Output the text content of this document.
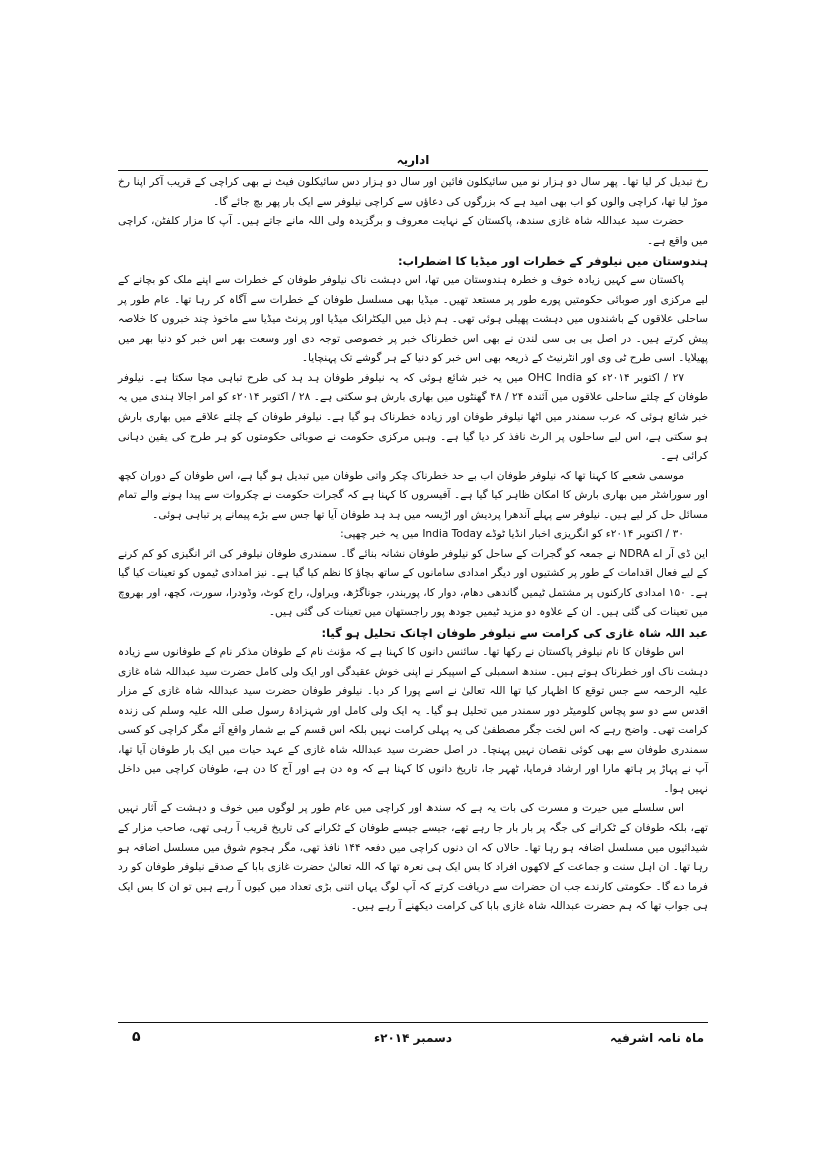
اداریہ

رخ تبدیل کر لیا تھا۔ پھر سال دو ہزار نو میں سائیکلون فائین اور سال دو ہزار دس سائیکلون فیٹ نے بھی کراچی کے قریب آکر اپنا رخ موڑ لیا تھا، کراچی والوں کو اب بھی امید ہے کہ بزرگوں کی دعاؤں سے کراچی نیلوفر سے ایک بار پھر بچ جائے گا۔

حضرت سید عبداللہ شاہ غازی سندھ، پاکستان کے نہایت معروف و برگزیدہ ولی اللہ مانے جاتے ہیں۔ آپ کا مزار کلفٹن، کراچی میں واقع ہے۔

ہندوستان میں نیلوفر کے خطرات اور میڈیا کا اضطراب:

پاکستان سے کہیں زیادہ خوف و خطرہ ہندوستان میں تھا، اس دہشت ناک نیلوفر طوفان کے خطرات سے اپنے ملک کو بچانے کے لیے مرکزی اور صوبائی حکومتیں پورے طور پر مستعد تھیں۔ میڈیا بھی مسلسل طوفان کے خطرات سے آگاہ کر رہا تھا۔ عام طور پر ساحلی علاقوں کے باشندوں میں دہشت پھیلی ہوئی تھی۔ ہم ذیل میں الیکٹرانک میڈیا اور پرنٹ میڈیا سے ماخوذ چند خبروں کا خلاصہ پیش کرتے ہیں۔ در اصل بی بی سی لندن نے بھی اس خطرناک خبر پر خصوصی توجہ دی اور وسعت بھر اس خبر کو دنیا بھر میں پھیلایا۔ اسی طرح ٹی وی اور انٹرنیٹ کے ذریعہ بھی اس خبر کو دنیا کے ہر گوشے تک پہنچایا۔

۲۷ / اکتوبر ۲۰۱۴ء کو OHC India میں یہ خبر شائع ہوئی کہ یہ نیلوفر طوفان ہد ہد کی طرح تباہی مچا سکتا ہے۔ نیلوفر طوفان کے چلتے ساحلی علاقوں میں آئندہ ۲۴ / ۴۸ گھنٹوں میں بھاری بارش ہو سکتی ہے۔ ۲۸ / اکتوبر ۲۰۱۴ء کو امر اجالا ہندی میں یہ خبر شائع ہوئی کہ عرب سمندر میں اٹھا نیلوفر طوفان اور زیادہ خطرناک ہو گیا ہے۔ نیلوفر طوفان کے چلتے علاقے میں بھاری بارش ہو سکتی ہے، اس لیے ساحلوں پر الرٹ نافذ کر دیا گیا ہے۔ وہیں مرکزی حکومت نے صوبائی حکومتوں کو ہر طرح کی یقین دہانی کرائی ہے۔

موسمی شعبے کا کہنا تھا کہ نیلوفر طوفان اب بے حد خطرناک چکر واتی طوفان میں تبدیل ہو گیا ہے، اس طوفان کے دوران کچھ اور سوراشٹر میں بھاری بارش کا امکان ظاہر کیا گیا ہے۔ آفیسروں کا کہنا ہے کہ گجرات حکومت نے چکروات سے پیدا ہونے والے تمام مسائل حل کر لیے ہیں۔ نیلوفر سے پہلے آندھرا پردیش اور اڑیسہ میں ہد ہد طوفان آیا تھا جس سے بڑے پیمانے پر تباہی ہوئی۔

۳۰ / اکتوبر ۲۰۱۴ء کو انگریزی اخبار انڈیا ٹوڈے India Today میں یہ خبر چھپی:

این ڈی آر اے NDRA نے جمعہ کو گجرات کے ساحل کو نیلوفر طوفان نشانہ بنائے گا۔ سمندری طوفان نیلوفر کی اثر انگیزی کو کم کرنے کے لیے فعال اقدامات کے طور پر کشتیوں اور دیگر امدادی سامانوں کے ساتھ بچاؤ کا نظم کیا گیا ہے۔ نیز امدادی ٹیموں کو تعینات کیا گیا ہے۔ ۱۵۰ امدادی کارکنوں پر مشتمل ٹیمیں گاندھی دھام، دوار کا، پوربندر، جوناگڑھ، ویراول، راج کوٹ، وڈودرا، سورت، کچھ، اور بھروچ میں تعینات کی گئی ہیں۔ ان کے علاوہ دو مزید ٹیمیں جودھ پور راجستھان میں تعینات کی گئی ہیں۔

عبد اللہ شاہ غازی کی کرامت سے نیلوفر طوفان اچانک تحلیل ہو گیا:

اس طوفان کا نام نیلوفر پاکستان نے رکھا تھا۔ سائنس دانوں کا کہنا ہے کہ مؤنث نام کے طوفان مذکر نام کے طوفانوں سے زیادہ دہشت ناک اور خطرناک ہوتے ہیں۔ سندھ اسمبلی کے اسپیکر نے اپنی خوش عقیدگی اور ایک ولی کامل حضرت سید عبداللہ شاہ غازی علیہ الرحمہ سے جس توقع کا اظہار کیا تھا اللہ تعالیٰ نے اسے پورا کر دیا۔ نیلوفر طوفان حضرت سید عبداللہ شاہ غازی کے مزار اقدس سے دو سو پچاس کلومیٹر دور سمندر میں تحلیل ہو گیا۔ یہ ایک ولی کامل اور شہزادۂ رسول صلی اللہ علیہ وسلم کی زندہ کرامت تھی۔ واضح رہے کہ اس لخت جگر مصطفیٰ کی یہ پہلی کرامت نہیں بلکہ اس قسم کے بے شمار واقع آئے مگر کراچی کو کسی سمندری طوفان سے بھی کوئی نقصان نہیں پہنچا۔ در اصل حضرت سید عبداللہ شاہ غازی کے عہد حیات میں ایک بار طوفان آیا تھا، آپ نے پہاڑ پر ہاتھ مارا اور ارشاد فرمایا، ٹھہر جا، تاریخ دانوں کا کہنا ہے کہ وہ دن ہے اور آج کا دن ہے، طوفان کراچی میں داخل نہیں ہوا۔

اس سلسلے میں حیرت و مسرت کی بات یہ ہے کہ سندھ اور کراچی میں عام طور پر لوگوں میں خوف و دہشت کے آثار نہیں تھے، بلکہ طوفان کے ٹکرانے کی جگہ پر بار بار جا رہے تھے، جیسے جیسے طوفان کے ٹکرانے کی تاریخ قریب آ رہی تھی، صاحب مزار کے شیدائیوں میں مسلسل اضافہ ہو رہا تھا۔ حالاں کہ ان دنوں کراچی میں دفعہ ۱۴۴ نافذ تھی، مگر ہجوم شوق میں مسلسل اضافہ ہو رہا تھا۔ ان اہل سنت و جماعت کے لاکھوں افراد کا بس ایک ہی نعرہ تھا کہ اللہ تعالیٰ حضرت غازی بابا کے صدقے نیلوفر طوفان کو رد فرما دے گا۔ حکومتی کارندے جب ان حضرات سے دریافت کرتے کہ آپ لوگ یہاں اتنی بڑی تعداد میں کیوں آ رہے ہیں تو ان کا بس ایک ہی جواب تھا کہ ہم حضرت عبداللہ شاہ غازی بابا کی کرامت دیکھنے آ رہے ہیں۔

ماہ نامہ اشرفیہ
دسمبر ۲۰۱۴ء
۵
